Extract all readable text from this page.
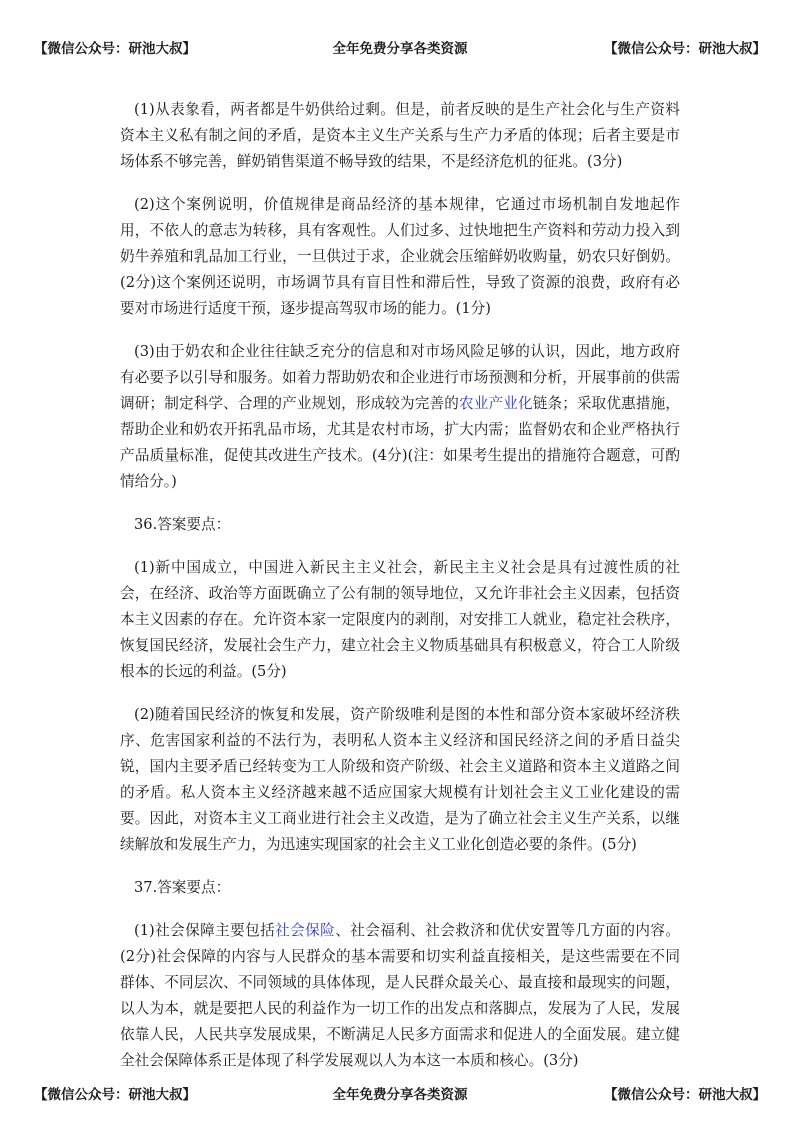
【微信公众号：研池大叔】	全年免费分享各类资源	【微信公众号：研池大叔】

(1)从表象看，两者都是牛奶供给过剩。但是，前者反映的是生产社会化与生产资料资本主义私有制之间的矛盾，是资本主义生产关系与生产力矛盾的体现；后者主要是市场体系不够完善，鲜奶销售渠道不畅导致的结果，不是经济危机的征兆。(3分)

(2)这个案例说明，价值规律是商品经济的基本规律，它通过市场机制自发地起作用，不依人的意志为转移，具有客观性。人们过多、过快地把生产资料和劳动力投入到奶牛养殖和乳品加工行业，一旦供过于求，企业就会压缩鲜奶收购量，奶农只好倒奶。(2分)这个案例还说明，市场调节具有盲目性和滞后性，导致了资源的浪费，政府有必要对市场进行适度干预，逐步提高驾驭市场的能力。(1分)

(3)由于奶农和企业往往缺乏充分的信息和对市场风险足够的认识，因此，地方政府有必要予以引导和服务。如着力帮助奶农和企业进行市场预测和分析，开展事前的供需调研；制定科学、合理的产业规划，形成较为完善的农业产业化链条；采取优惠措施，帮助企业和奶农开拓乳品市场，尤其是农村市场，扩大内需；监督奶农和企业严格执行产品质量标准，促使其改进生产技术。(4分)(注：如果考生提出的措施符合题意，可酌情给分。)

36.答案要点：

(1)新中国成立，中国进入新民主主义社会，新民主主义社会是具有过渡性质的社会，在经济、政治等方面既确立了公有制的领导地位，又允许非社会主义因素，包括资本主义因素的存在。允许资本家一定限度内的剥削，对安排工人就业，稳定社会秩序，恢复国民经济，发展社会生产力，建立社会主义物质基础具有积极意义，符合工人阶级根本的长远的利益。(5分)

(2)随着国民经济的恢复和发展，资产阶级唯利是图的本性和部分资本家破坏经济秩序、危害国家利益的不法行为，表明私人资本主义经济和国民经济之间的矛盾日益尖锐，国内主要矛盾已经转变为工人阶级和资产阶级、社会主义道路和资本主义道路之间的矛盾。私人资本主义经济越来越不适应国家大规模有计划社会主义工业化建设的需要。因此，对资本主义工商业进行社会主义改造，是为了确立社会主义生产关系，以继续解放和发展生产力，为迅速实现国家的社会主义工业化创造必要的条件。(5分)

37.答案要点：

(1)社会保障主要包括社会保险、社会福利、社会救济和优伏安置等几方面的内容。(2分)社会保障的内容与人民群众的基本需要和切实利益直接相关，是这些需要在不同群体、不同层次、不同领域的具体体现，是人民群众最关心、最直接和最现实的问题，以人为本，就是要把人民的利益作为一切工作的出发点和落脚点，发展为了人民，发展依靠人民，人民共享发展成果，不断满足人民多方面需求和促进人的全面发展。建立健全社会保障体系正是体现了科学发展观以人为本这一本质和核心。(3分)

【微信公众号：研池大叔】	全年免费分享各类资源	【微信公众号：研池大叔】
